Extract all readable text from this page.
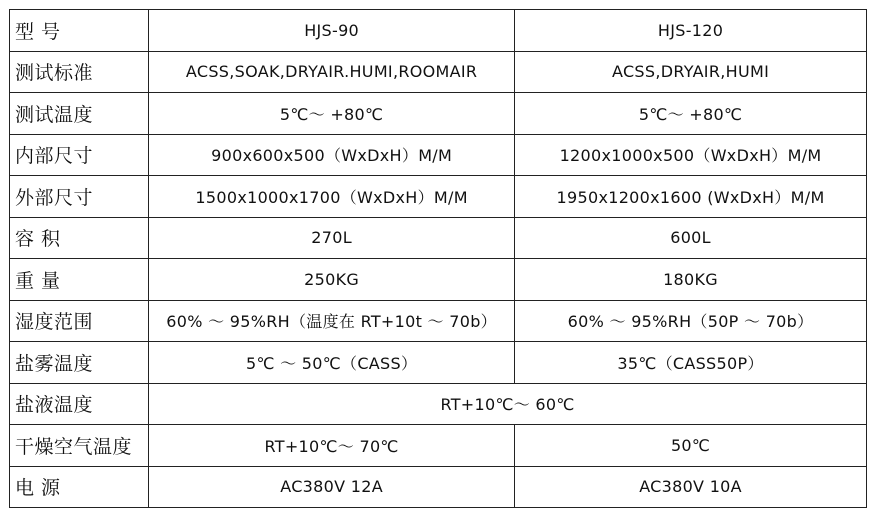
型 号	HJS-90	HJS-120
测试标准	ACSS,SOAK,DRYAIR.HUMI,ROOMAIR	ACSS,DRYAIR,HUMI
测试温度	5℃～ +80℃	5℃～ +80℃
内部尺寸	900x600x500（WxDxH）M/M	1200x1000x500（WxDxH）M/M
外部尺寸	1500x1000x1700（WxDxH）M/M	1950x1200x1600 (WxDxH）M/M
容 积	270L	600L
重 量	250KG	180KG
湿度范围	60% ～ 95%RH（温度在 RT+10t ～ 70b）	60% ～ 95%RH（50P ～ 70b）
盐雾温度	5℃ ～ 50℃（CASS）	35℃（CASS50P）
盐液温度	RT+10℃～ 60℃	
干燥空气温度	RT+10℃～ 70℃	50℃
电 源	AC380V 12A	AC380V 10A
